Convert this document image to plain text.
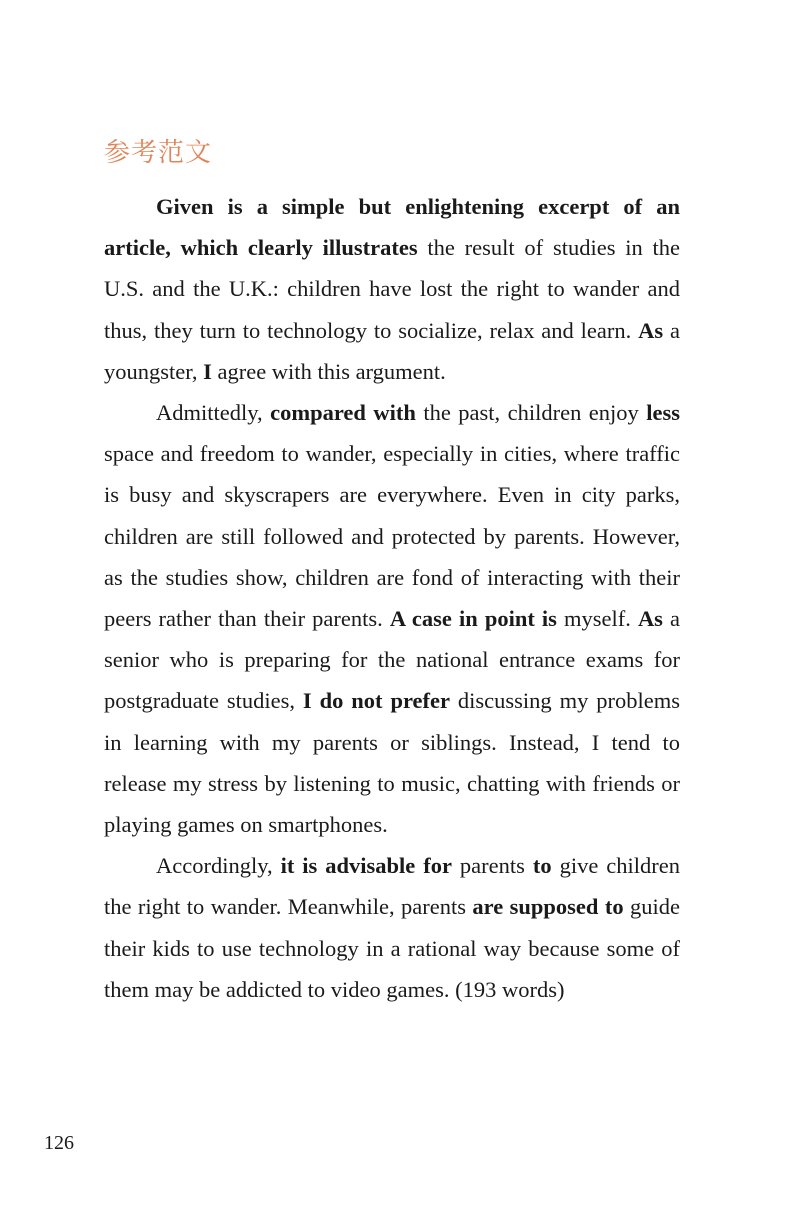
参考范文

Given is a simple but enlightening excerpt of an article, which clearly illustrates the result of studies in the U.S. and the U.K.: children have lost the right to wander and thus, they turn to technology to socialize, relax and learn. As a youngster, I agree with this argument.

Admittedly, compared with the past, children enjoy less space and freedom to wander, especially in cities, where traffic is busy and skyscrapers are everywhere. Even in city parks, children are still followed and protected by parents. However, as the studies show, children are fond of interacting with their peers rather than their parents. A case in point is myself. As a senior who is preparing for the national entrance exams for postgraduate studies, I do not prefer discussing my problems in learning with my parents or siblings. Instead, I tend to release my stress by listening to music, chatting with friends or playing games on smartphones.

Accordingly, it is advisable for parents to give children the right to wander. Meanwhile, parents are supposed to guide their kids to use technology in a rational way because some of them may be addicted to video games. (193 words)

126
